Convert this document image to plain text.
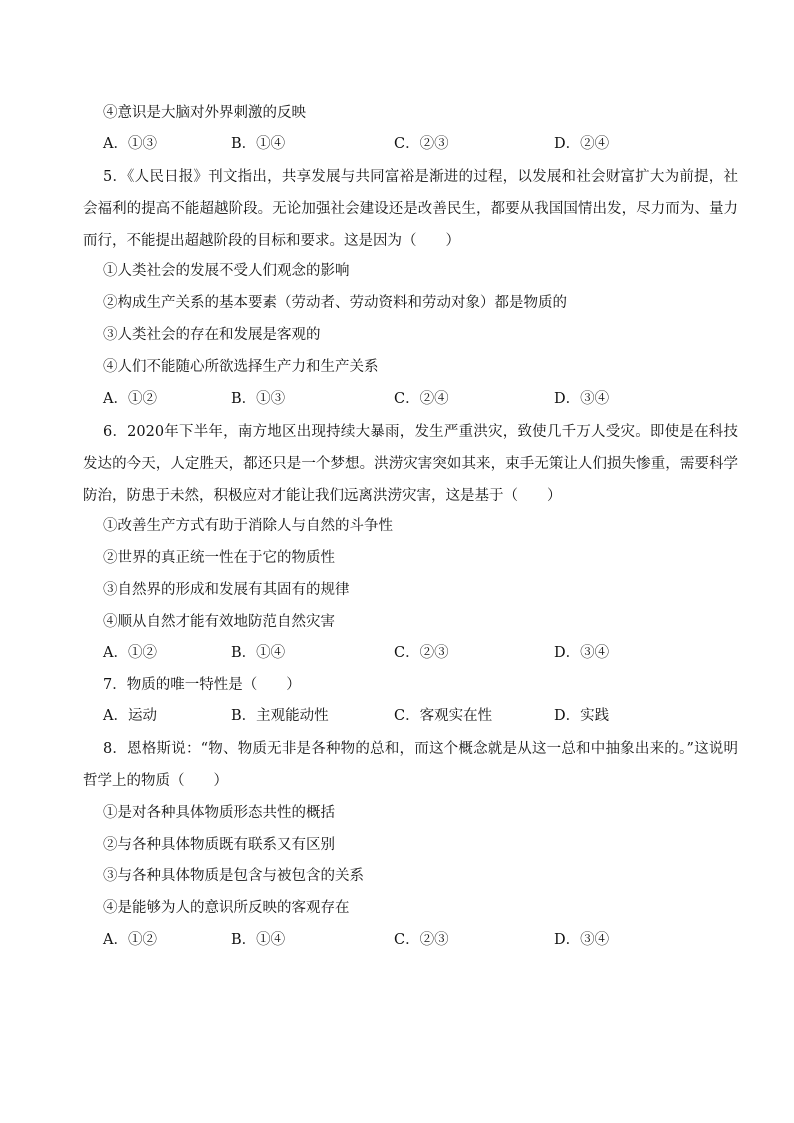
④意识是大脑对外界刺激的反映
A．①③	B．①④	C．②③	D．②④
5．《人民日报》刊文指出，共享发展与共同富裕是渐进的过程，以发展和社会财富扩大为前提，社会福利的提高不能超越阶段。无论加强社会建设还是改善民生，都要从我国国情出发，尽力而为、量力而行，不能提出超越阶段的目标和要求。这是因为（　　）
①人类社会的发展不受人们观念的影响
②构成生产关系的基本要素（劳动者、劳动资料和劳动对象）都是物质的
③人类社会的存在和发展是客观的
④人们不能随心所欲选择生产力和生产关系
A．①②	B．①③	C．②④	D．③④
6．2020年下半年，南方地区出现持续大暴雨，发生严重洪灾，致使几千万人受灾。即使是在科技发达的今天，人定胜天，都还只是一个梦想。洪涝灾害突如其来，束手无策让人们损失惨重，需要科学防治，防患于未然，积极应对才能让我们远离洪涝灾害，这是基于（　　）
①改善生产方式有助于消除人与自然的斗争性
②世界的真正统一性在于它的物质性
③自然界的形成和发展有其固有的规律
④顺从自然才能有效地防范自然灾害
A．①②	B．①④	C．②③	D．③④
7．物质的唯一特性是（　　）
A．运动	B．主观能动性	C．客观实在性	D．实践
8．恩格斯说：“物、物质无非是各种物的总和，而这个概念就是从这一总和中抽象出来的。”这说明哲学上的物质（　　）
①是对各种具体物质形态共性的概括
②与各种具体物质既有联系又有区别
③与各种具体物质是包含与被包含的关系
④是能够为人的意识所反映的客观存在
A．①②	B．①④	C．②③	D．③④
